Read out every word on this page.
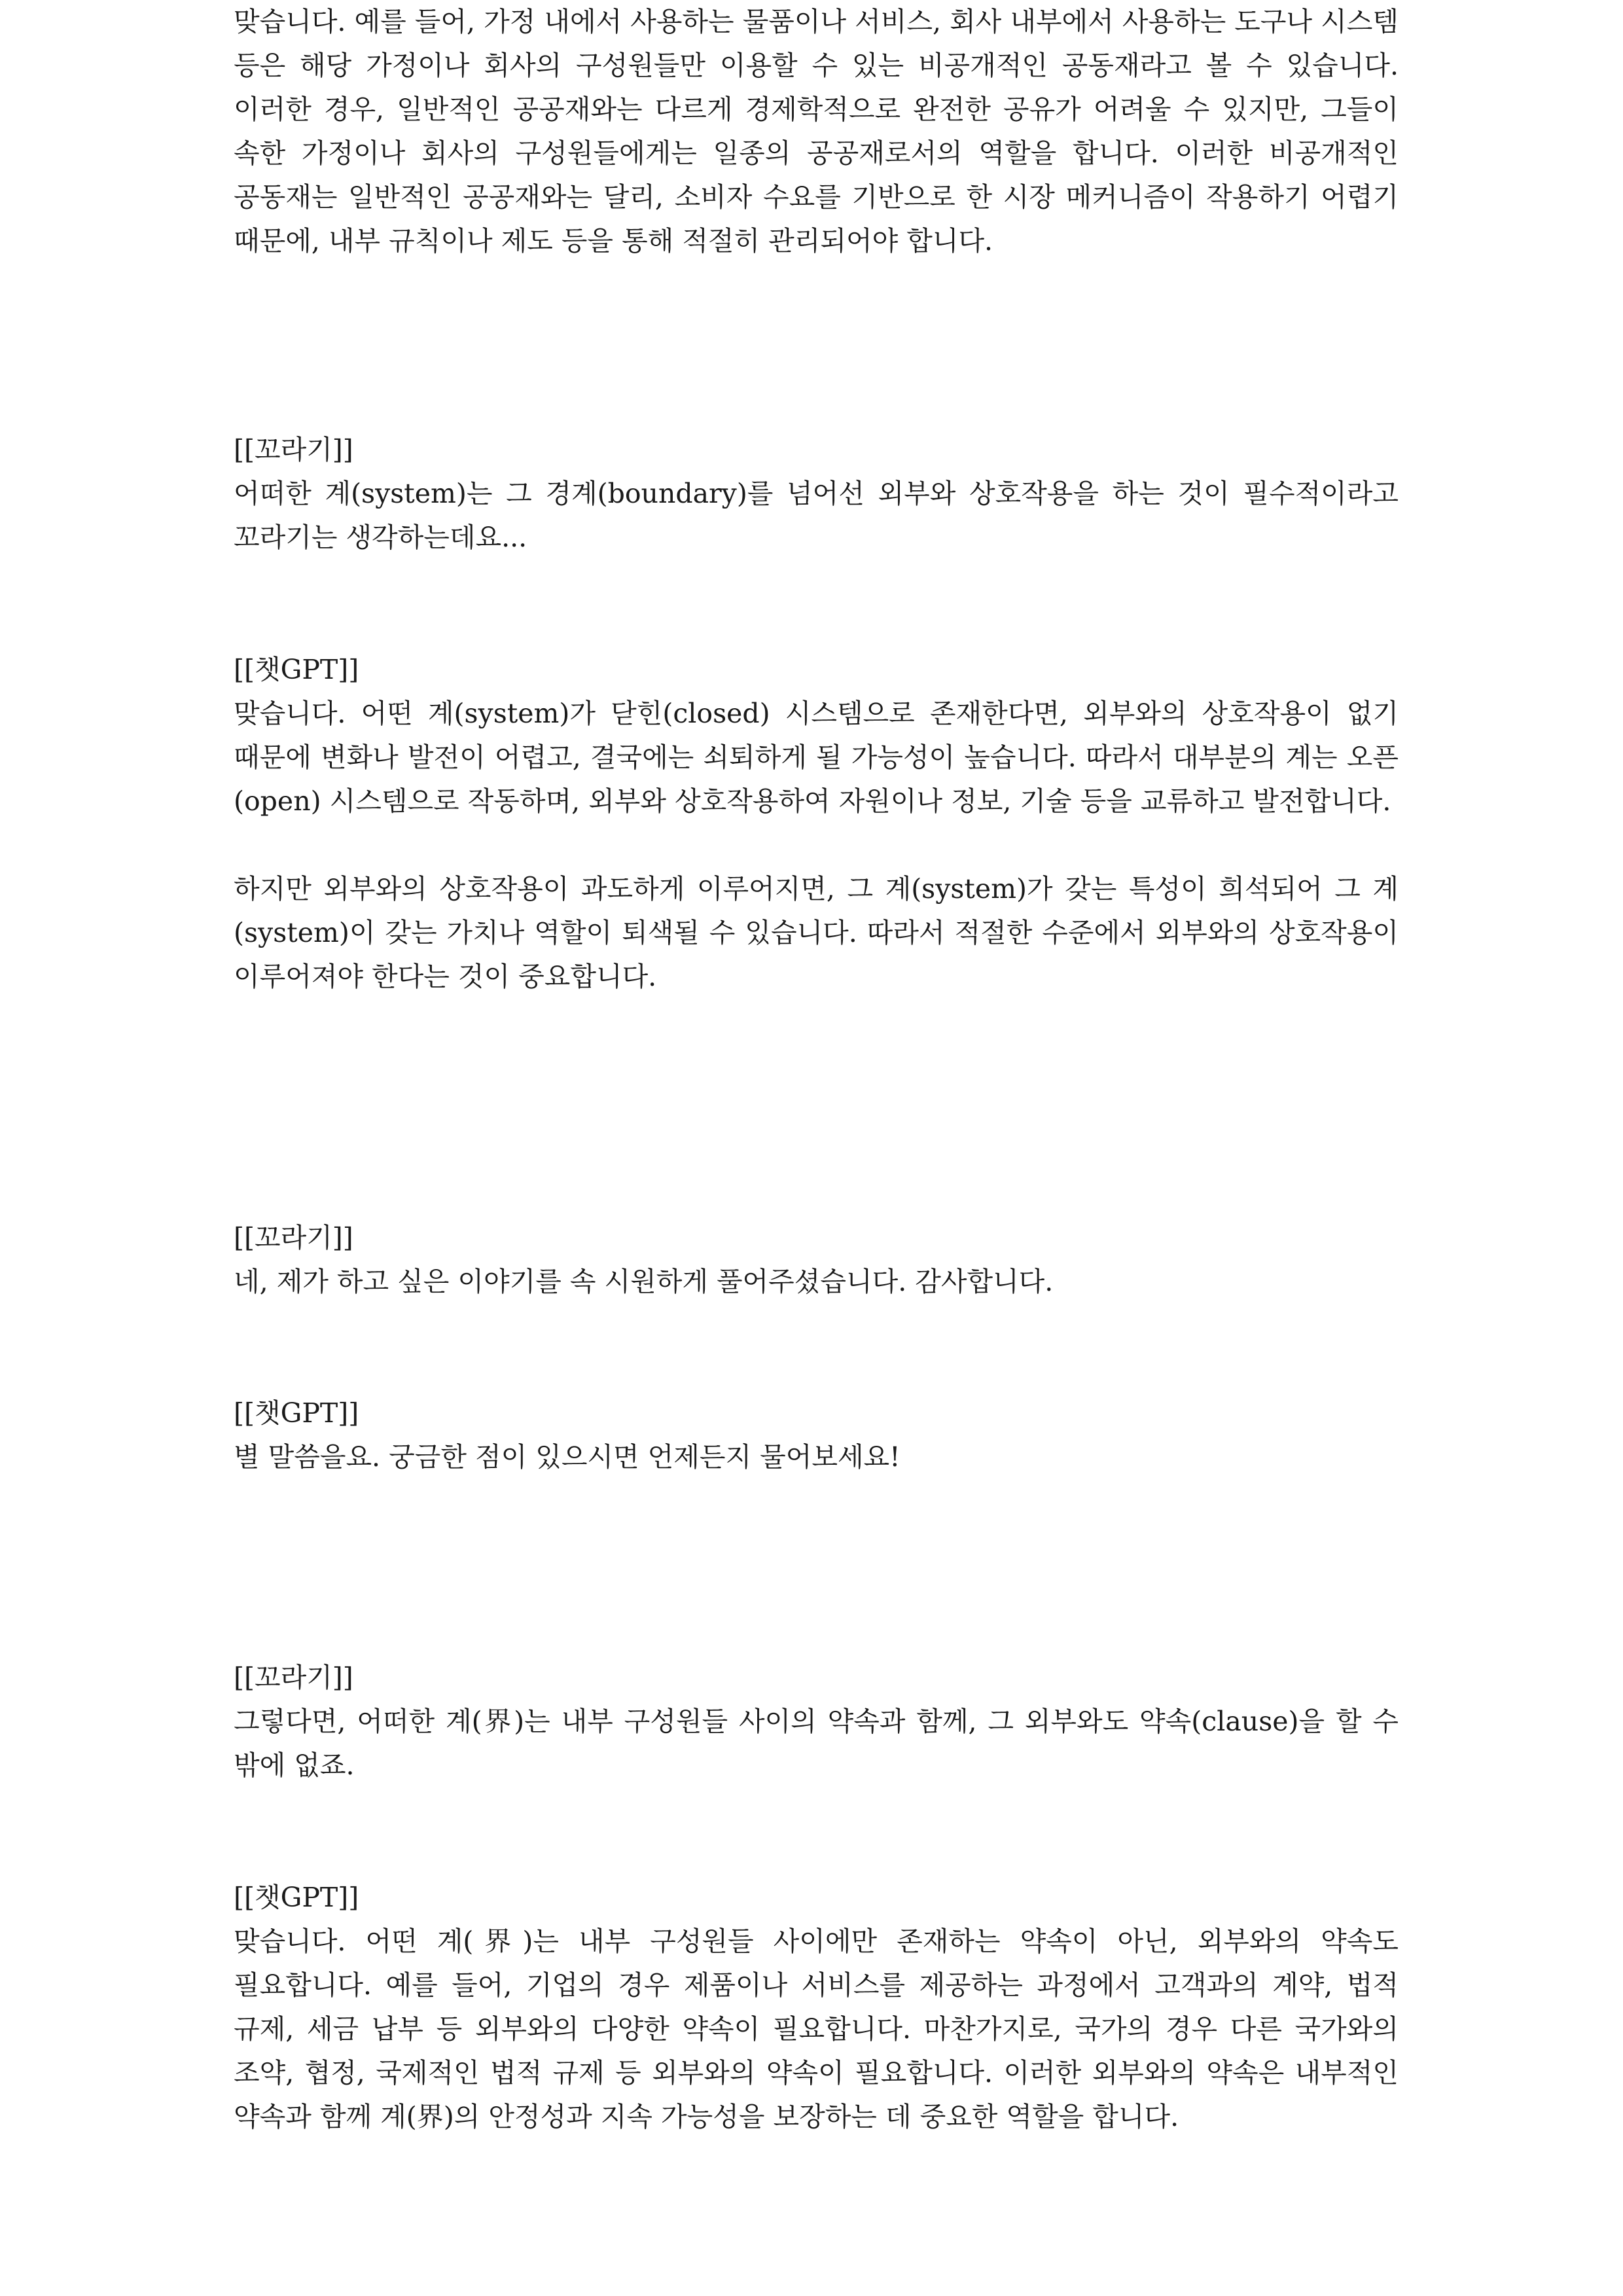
맞습니다. 예를 들어, 가정 내에서 사용하는 물품이나 서비스, 회사 내부에서 사용하는 도구나 시스템 등은 해당 가정이나 회사의 구성원들만 이용할 수 있는 비공개적인 공동재라고 볼 수 있습니다. 이러한 경우, 일반적인 공공재와는 다르게 경제학적으로 완전한 공유가 어려울 수 있지만, 그들이 속한 가정이나 회사의 구성원들에게는 일종의 공공재로서의 역할을 합니다. 이러한 비공개적인 공동재는 일반적인 공공재와는 달리, 소비자 수요를 기반으로 한 시장 메커니즘이 작용하기 어렵기 때문에, 내부 규칙이나 제도 등을 통해 적절히 관리되어야 합니다.

[[꼬라기]]

어떠한 계(system)는 그 경계(boundary)를 넘어선 외부와 상호작용을 하는 것이 필수적이라고 꼬라기는 생각하는데요...

[[챗GPT]]

맞습니다. 어떤 계(system)가 닫힌(closed) 시스템으로 존재한다면, 외부와의 상호작용이 없기 때문에 변화나 발전이 어렵고, 결국에는 쇠퇴하게 될 가능성이 높습니다. 따라서 대부분의 계는 오픈(open) 시스템으로 작동하며, 외부와 상호작용하여 자원이나 정보, 기술 등을 교류하고 발전합니다.

하지만 외부와의 상호작용이 과도하게 이루어지면, 그 계(system)가 갖는 특성이 희석되어 그 계(system)이 갖는 가치나 역할이 퇴색될 수 있습니다. 따라서 적절한 수준에서 외부와의 상호작용이 이루어져야 한다는 것이 중요합니다.

[[꼬라기]]

네, 제가 하고 싶은 이야기를 속 시원하게 풀어주셨습니다. 감사합니다.

[[챗GPT]]

별 말씀을요. 궁금한 점이 있으시면 언제든지 물어보세요!

[[꼬라기]]

그렇다면, 어떠한 계(界)는 내부 구성원들 사이의 약속과 함께, 그 외부와도 약속(clause)을 할 수 밖에 없죠.

[[챗GPT]]

맞습니다. 어떤 계(界)는 내부 구성원들 사이에만 존재하는 약속이 아닌, 외부와의 약속도 필요합니다. 예를 들어, 기업의 경우 제품이나 서비스를 제공하는 과정에서 고객과의 계약, 법적 규제, 세금 납부 등 외부와의 다양한 약속이 필요합니다. 마찬가지로, 국가의 경우 다른 국가와의 조약, 협정, 국제적인 법적 규제 등 외부와의 약속이 필요합니다. 이러한 외부와의 약속은 내부적인 약속과 함께 계(界)의 안정성과 지속 가능성을 보장하는 데 중요한 역할을 합니다.
